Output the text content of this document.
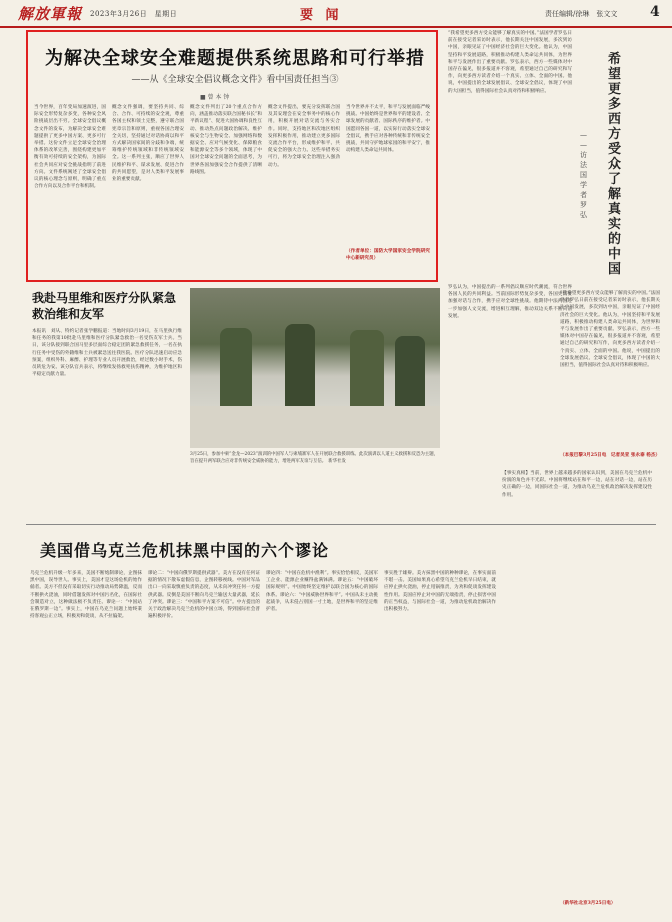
解放軍報 2023年3月26日　星期日	要 闻	责任编辑/徐琳　张文文 4
为解决全球安全难题提供系统思路和可行举措
——从《全球安全倡议概念文件》看中国责任担当③
■ 曾 本 钟
当今世界，百年变局加速演进，国际安全形势复杂多变，各种安全风险挑战层出不穷。全球安全倡议概念文件的发布，为解决全球安全难题提供了更多中国方案、更多可行举措。这份文件立足全球安全治理体系的改革完善，围绕构建更加平衡有效可持续的安全架构，为国际社会共同应对安全挑战指明了前进方向。文件系统阐述了全球安全倡议的核心理念与原则，明确了重点合作方向以及合作平台和机制。
概念文件强调，要坚持共同、综合、合作、可持续的安全观，尊重各国主权和领土完整，遵守联合国宪章宗旨和原则，重视各国合理安全关切，坚持通过对话协商以和平方式解决国家间的分歧和争端，统筹维护传统领域和非传统领域安全。这一系列主张，顺应了世界人民维护和平、谋求发展、促进合作的共同愿望，是对人类和平发展事业的重要贡献。
概念文件列出了20个重点合作方向，涵盖推动落实联合国秘书长“和平新议程”、促进大国协调和良性互动、推动热点问题政治解决、维护核安全与生物安全、加强网络和数据安全、应对气候变化、保障粮食和能源安全等多个领域，体现了中国对全球安全问题的全面思考，为世界各国加强安全合作提供了清晰路线图。
概念文件提出，要充分发挥联合国及其安理会在安全事务中的核心作用，积极开展对话交流与务实合作。同时，支持地区和次地区组织发挥积极作用，推动建立更多国际交流合作平台，形成维护和平、共促安全的强大合力。这些举措务实可行，将为全球安全治理注入强劲动力。
当今世界并不太平，和平与发展面临严峻挑战。中国始终是世界和平的建设者、全球发展的贡献者、国际秩序的维护者。中国愿同各国一道，以实际行动落实全球安全倡议，携手应对各种传统和非传统安全挑战，共同守护地球家园的和平安宁，推动构建人类命运共同体。
（作者单位：国防大学国家安全学院研究中心新研究员）
希
望
更
多
西
方
受
众
了
解
真
实
的
中
国
—
—
访
法
国
学
者
罗
弘
“我希望更多西方受众能够了解真实的中国。”法国学者罗弘日前在接受记者采访时表示，他长期关注中国发展，多次到访中国，亲眼见证了中国经济社会的巨大变化。他认为，中国坚持和平发展道路，积极推动构建人类命运共同体，为世界和平与发展作出了重要贡献。罗弘表示，西方一些媒体对中国存在偏见，很多报道并不客观，希望通过自己的研究和写作，向更多西方读者介绍一个真实、立体、全面的中国。他说，中国提出的全球发展倡议、全球安全倡议，体现了中国的大国担当，值得国际社会认真对待和积极响应。
罗弘认为，中国提出的一系列倡议顺应时代潮流，符合世界各国人民的共同利益。当前国际形势复杂多变，各国更需要加强对话与合作，携手应对全球性挑战。他期待中法两国进一步加强人文交流，增进相互理解，推动双边关系不断向前发展。
“我希望更多西方受众能够了解真实的中国。”法国学者罗弘日前在接受记者采访时表示，他长期关注中国发展，多次到访中国，亲眼见证了中国经济社会的巨大变化。他认为，中国坚持和平发展道路，积极推动构建人类命运共同体，为世界和平与发展作出了重要贡献。罗弘表示，西方一些媒体对中国存在偏见，很多报道并不客观，希望通过自己的研究和写作，向更多西方读者介绍一个真实、立体、全面的中国。他说，中国提出的全球发展倡议、全球安全倡议，体现了中国的大国担当，值得国际社会认真对待和积极响应。
（本报巴黎3月25日电　记者吴亚 张永泰 杨杰）
我赴马里维和医疗分队紧急救治维和友军
本报讯　刘从、特约记者张学鹏报道：当地时间3月19日，在马里执行维和任务的我第10批赴马里维和医疗分队紧急救治一名受伤友军士兵。当日，该分队接到联合国马里多层面综合稳定团的紧急救援任务，一名在执行任务中受伤的外籍维和士兵被紧急送往我医院。医疗分队迅速启动应急预案，组织外科、麻醉、护理等专业人员开展救治，经过数小时手术，伤员转危为安。该分队官兵表示，将继续发扬救死扶伤精神，为维护地区和平稳定贡献力量。
3月25日，参加中柬“金龙—2023”演训的中国军人与柬埔寨军人在开展联合救援训练。此次演训以人道主义救援和反恐为主题，旨在提升两军联合应对非传统安全威胁的能力，增进两军友谊与互信。　新华社发
美国借乌克兰危机抹黑中国的六个谬论
乌克兰危机升级一年多来，美国不断炮制谬论，企图抹黑中国，误导世人。事实上，美国才是这场危机的始作俑者。美方不但没有采取切实行动推动局势降温，反而不断拱火浇油，同时借题发挥对中国污名化，在国际社会制造对立，这种做法极不负责任。谬论一：“中国站在俄罗斯一边”。事实上，中国在乌克兰问题上始终秉持客观公正立场，积极劝和促谈，从不拉偏架。
谬论二：“中国向俄罗斯提供武器”。美方在没有任何证据的情况下散布虚假信息，企图转移视线。中国对军品出口一向采取慎重负责的态度，从未向冲突任何一方提供武器。反倒是美国不断向乌克兰输送大量武器，延长了冲突。谬论三：“中国和平方案不可信”。中方提出的关于政治解决乌克兰危机的中国立场，得到国际社会普遍积极评价。
谬论四：“中国在危机中渔利”。事实恰恰相反，美国军工企业、能源企业赚得盆满钵满。谬论五：“中国破坏国际规则”。中国始终坚定维护以联合国为核心的国际体系。谬论六：“中国威胁世界和平”。中国从未主动挑起战争，从未侵占别国一寸土地，是世界和平的坚定维护者。
事实胜于雄辩。美方抹黑中国的种种谬论，在事实面前不堪一击。美国如果真心希望乌克兰危机早日结束，就应停止拱火浇油，停止甩锅推责，为劝和促谈发挥建设性作用。美国应停止对中国的无端指责，停止损害中国的正当权益，与国际社会一道，为推动危机政治解决作出积极努力。
【事实真相】当前，世界上越来越多的国家认识到，美国在乌克兰危机中扮演的角色并不光彩。中国将继续站在和平一边，站在对话一边，站在历史正确的一边，同国际社会一道，为推动乌克兰危机政治解决发挥建设性作用。
（新华社北京3月25日电）
